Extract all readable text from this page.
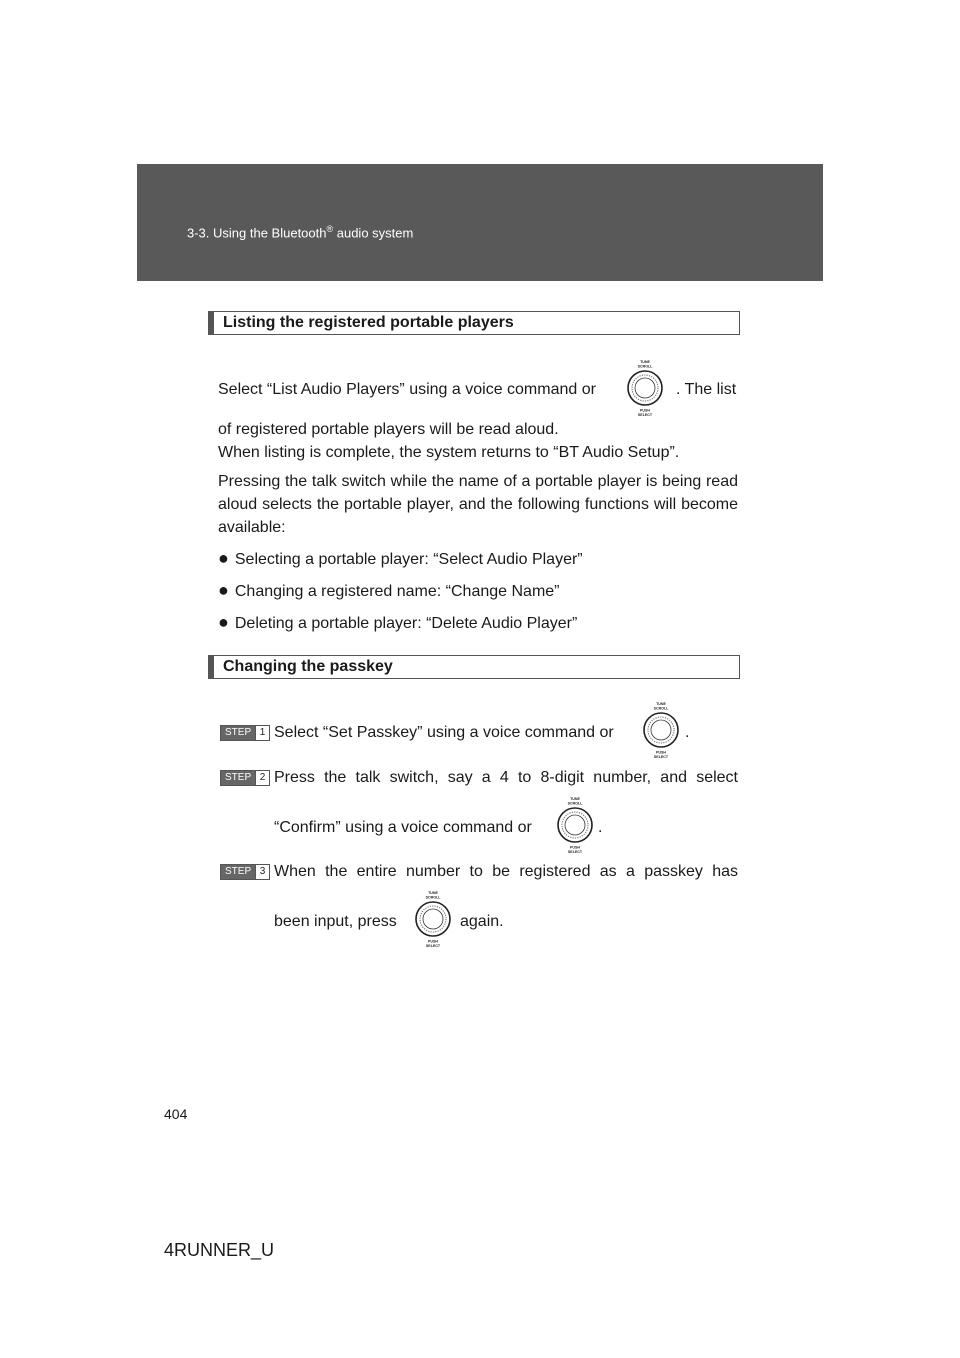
3-3. Using the Bluetooth® audio system
Listing the registered portable players
Select “List Audio Players” using a voice command or
TUNE
SCROLL
PUSH
SELECT
. The list
of registered portable players will be read aloud.
When listing is complete, the system returns to “BT Audio Setup”.
Pressing the talk switch while the name of a portable player is being read aloud selects the portable player, and the following functions will become available:
● Selecting a portable player: “Select Audio Player”
● Changing a registered name: “Change Name”
● Deleting a portable player: “Delete Audio Player”
Changing the passkey
STEP 1 Select “Set Passkey” using a voice command or
TUNE
SCROLL
PUSH
SELECT
.
STEP 2 Press the talk switch, say a 4 to 8-digit number, and select
“Confirm” using a voice command or
TUNE
SCROLL
PUSH
SELECT
.
STEP 3 When the entire number to be registered as a passkey has
been input, press
TUNE
SCROLL
PUSH
SELECT
again.
404
4RUNNER_U
